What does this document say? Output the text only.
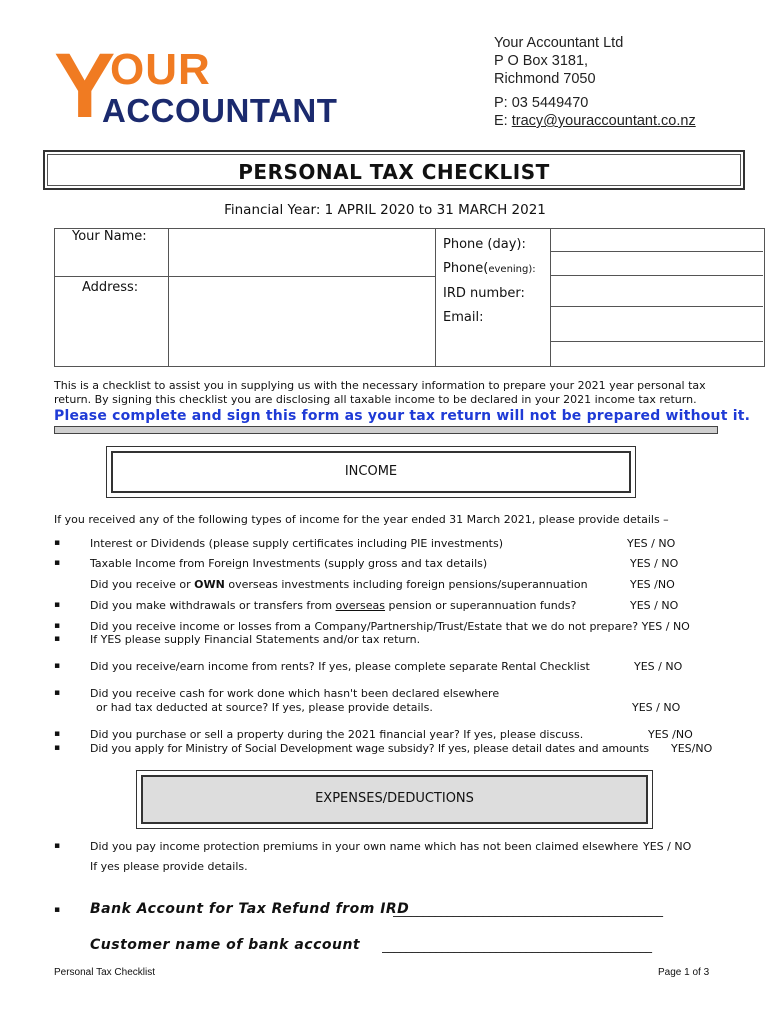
Y
OUR
ACCOUNTANT
Your Accountant Ltd
P O Box 3181,
Richmond 7050
P: 03 5449470
E: tracy@youraccountant.co.nz
PERSONAL TAX CHECKLIST
Financial Year: 1 APRIL 2020 to 31 MARCH 2021
Your Name:
Address:
Phone (day):
Phone(evening):
IRD number:
Email:
This is a checklist to assist you in supplying us with the necessary information to prepare your 2021 year personal tax return. By signing this checklist you are disclosing all taxable income to be declared in your 2021 income tax return.
Please complete and sign this form as your tax return will not be prepared without it.
INCOME
If you received any of the following types of income for the year ended 31 March 2021, please provide details –
▪	Interest or Dividends (please supply certificates including PIE investments)	YES / NO
▪	Taxable Income from Foreign Investments (supply gross and tax details)	YES / NO
Did you receive or OWN overseas investments including foreign pensions/superannuation	YES /NO
▪	Did you make withdrawals or transfers from overseas pension or superannuation funds?	YES / NO
▪	Did you receive income or losses from a Company/Partnership/Trust/Estate that we do not prepare? YES / NO
▪	If YES please supply Financial Statements and/or tax return.
▪	Did you receive/earn income from rents? If yes, please complete separate Rental Checklist	YES / NO
▪	Did you receive cash for work done which hasn't been declared elsewhere
or had tax deducted at source? If yes, please provide details.	YES / NO
▪	Did you purchase or sell a property during the 2021 financial year? If yes, please discuss.	YES /NO
▪	Did you apply for Ministry of Social Development wage subsidy? If yes, please detail dates and amounts YES/NO
EXPENSES/DEDUCTIONS
▪	Did you pay income protection premiums in your own name which has not been claimed elsewhere YES / NO
If yes please provide details.
▪ Bank Account for Tax Refund from IRD
_____________________________________________
Customer name of bank account _____________________________________________
Personal Tax Checklist	Page 1 of 3
